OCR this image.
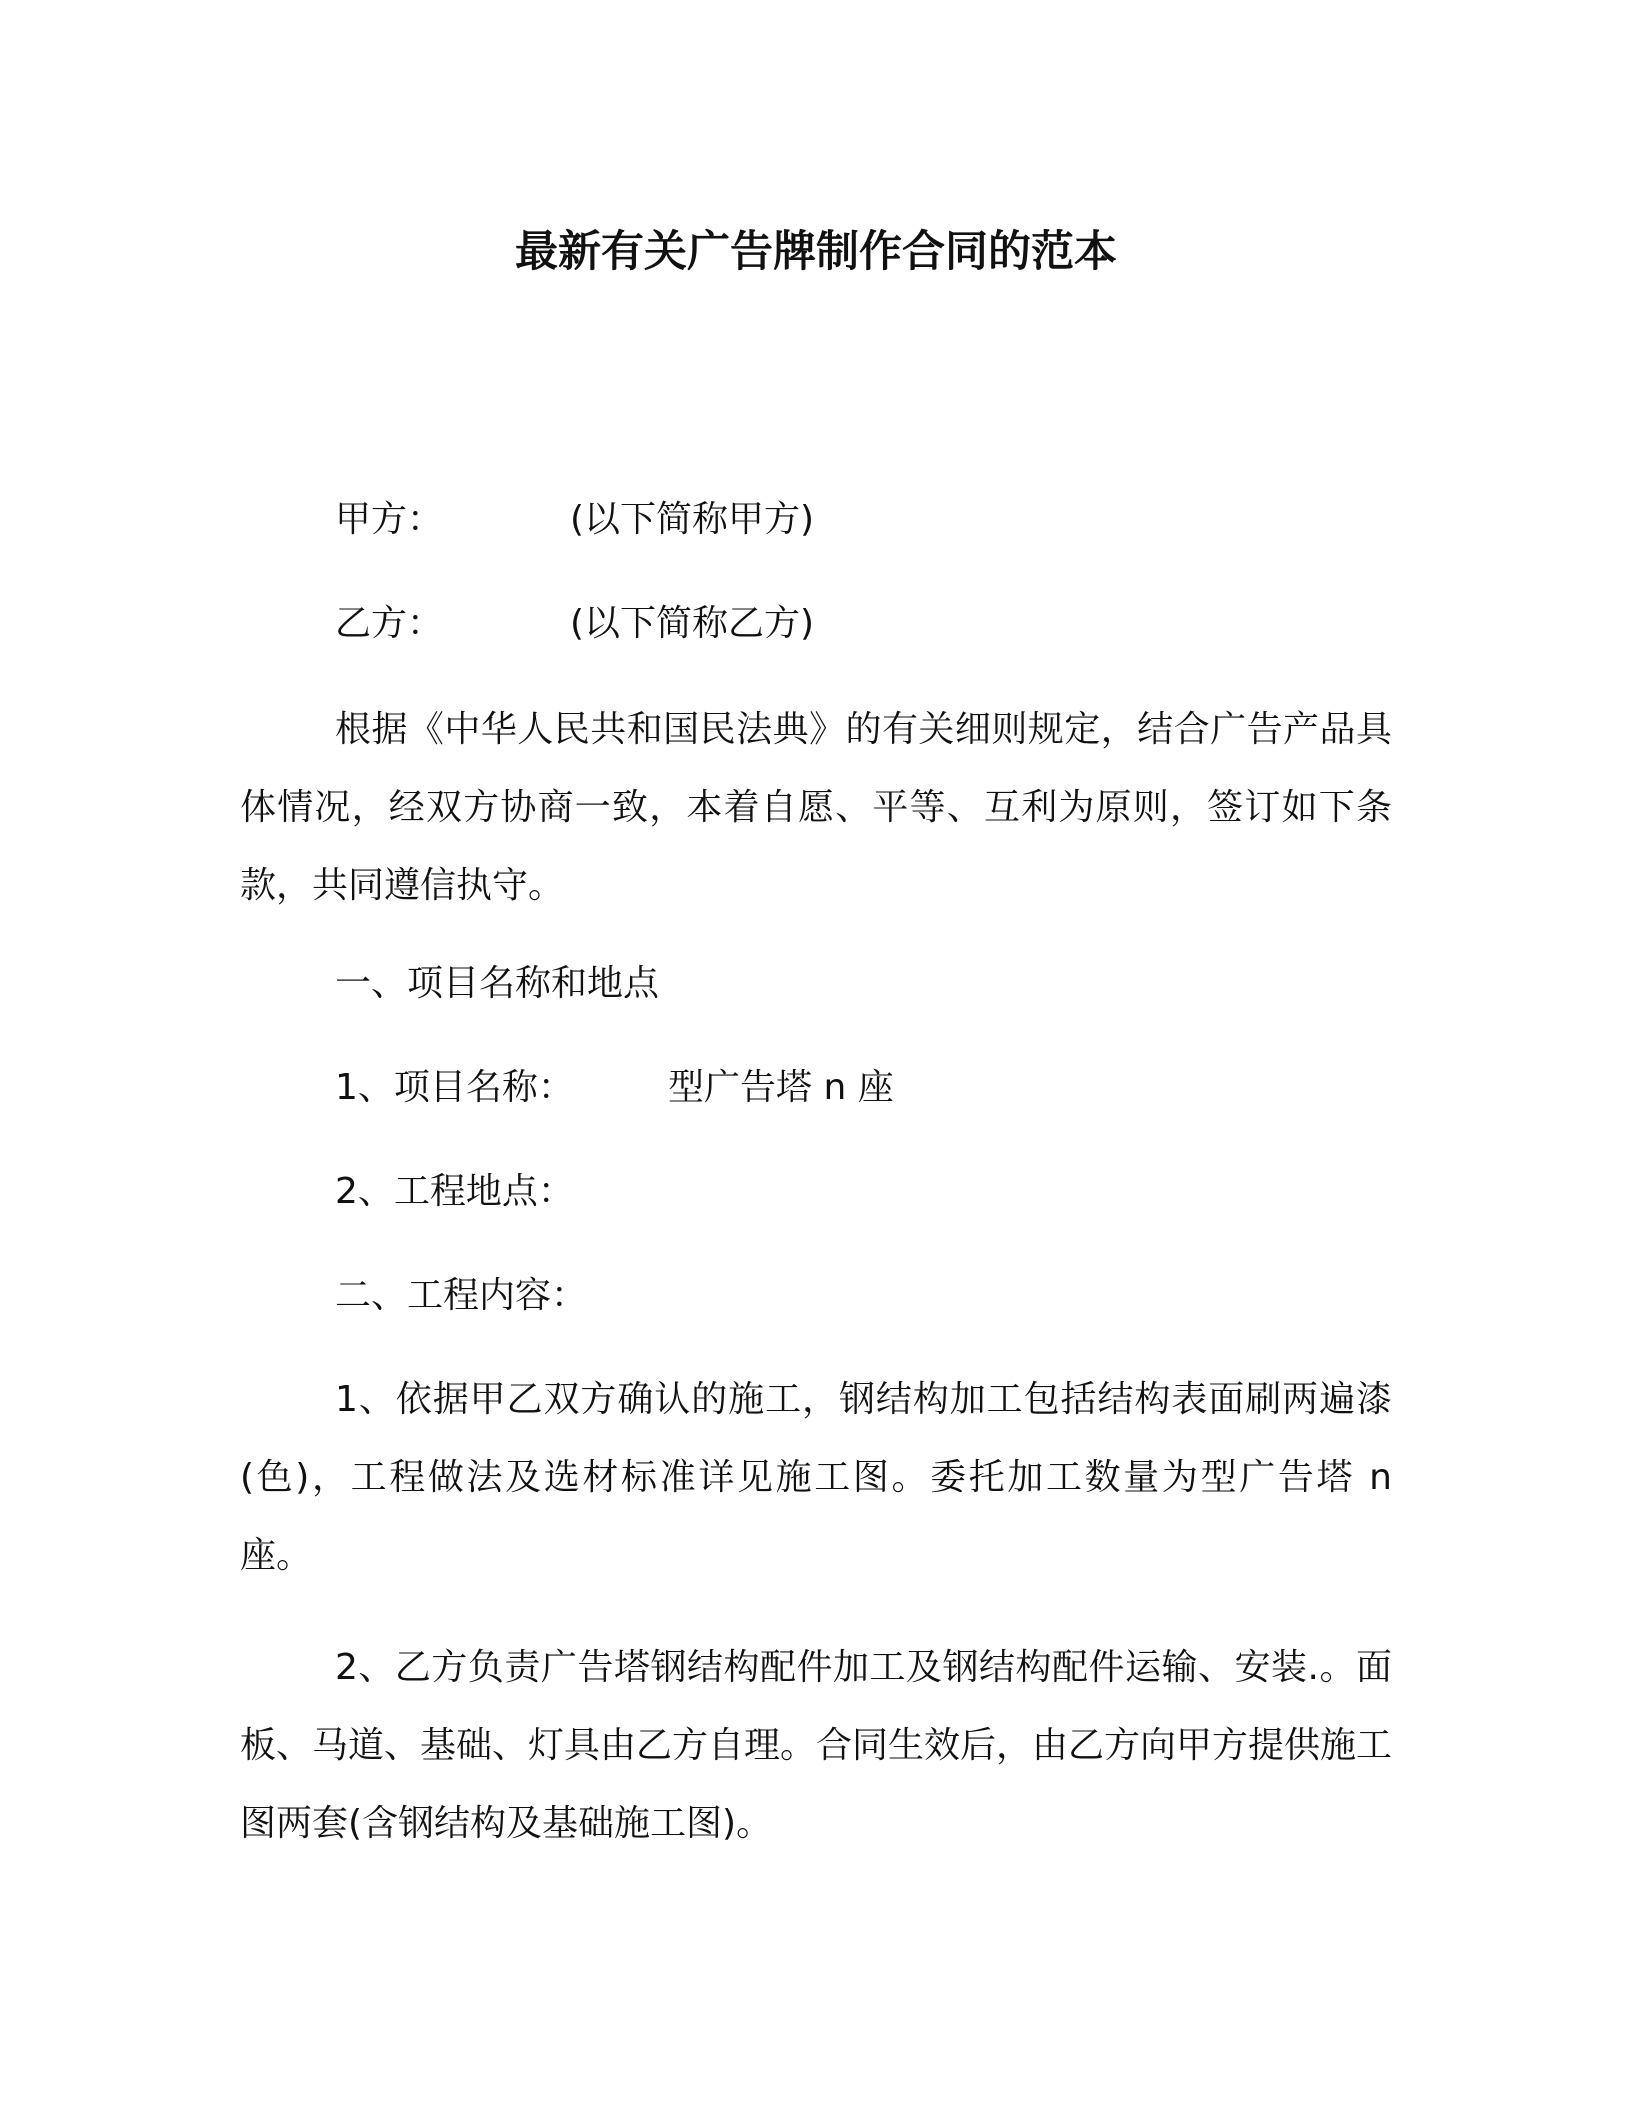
最新有关广告牌制作合同的范本
甲方：	(以下简称甲方)
乙方：	(以下简称乙方)
根据《中华人民共和国民法典》的有关细则规定，结合广告产品具体情况，经双方协商一致，本着自愿、平等、互利为原则，签订如下条款，共同遵信执守。
一、项目名称和地点
1、项目名称：	型广告塔 n 座
2、工程地点：
二、工程内容：
1、依据甲乙双方确认的施工，钢结构加工包括结构表面刷两遍漆(色)，工程做法及选材标准详见施工图。委托加工数量为型广告塔 n 座。
2、乙方负责广告塔钢结构配件加工及钢结构配件运输、安装.。面板、马道、基础、灯具由乙方自理。合同生效后，由乙方向甲方提供施工图两套(含钢结构及基础施工图)。
